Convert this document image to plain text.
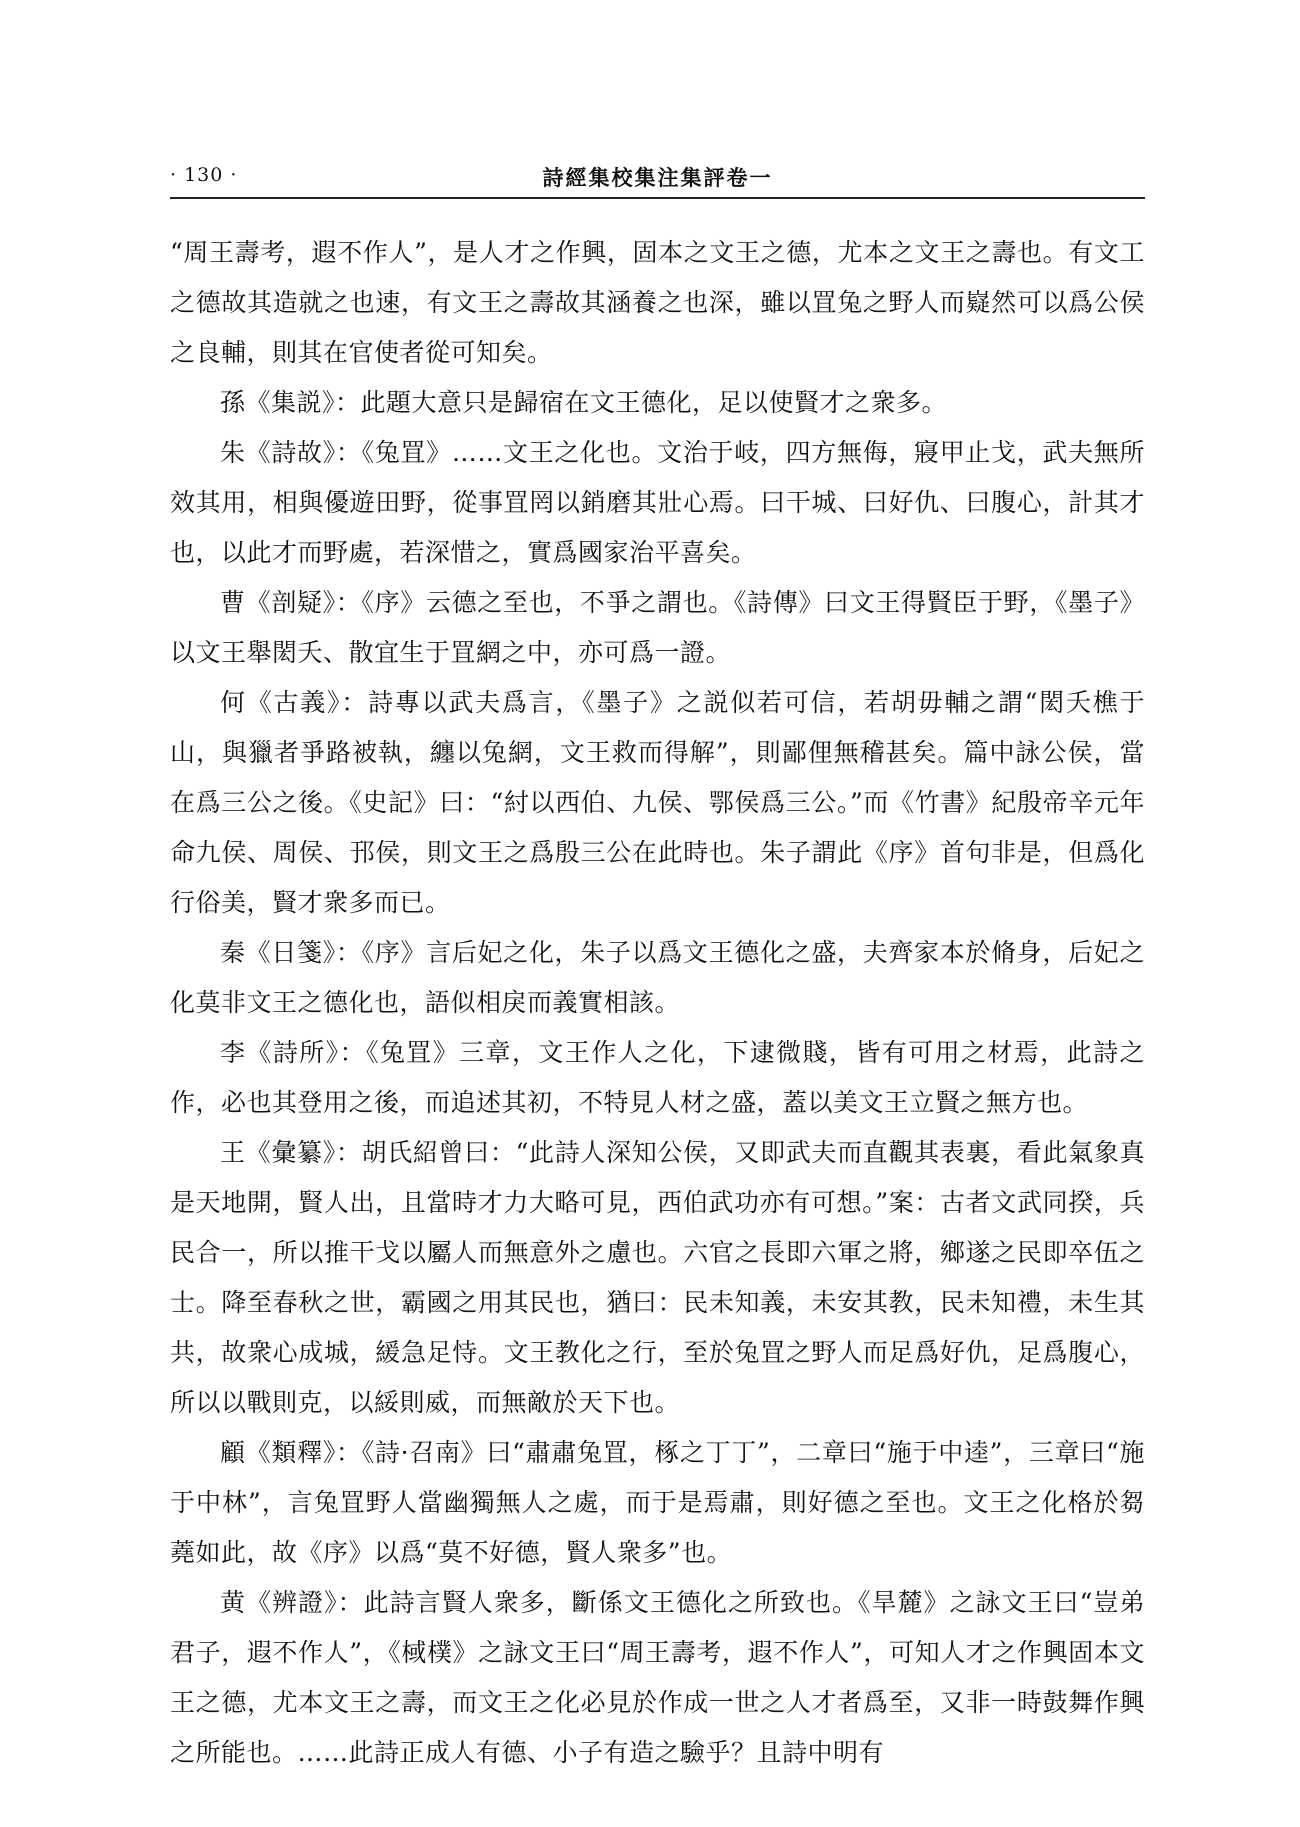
· 130 ·	詩經集校集注集評卷一

“周王壽考，遐不作人”，是人才之作興，固本之文王之德，尤本之文王之壽也。有文工之德故其造就之也速，有文王之壽故其涵養之也深，雖以罝兔之野人而嶷然可以爲公侯之良輔，則其在官使者從可知矣。

孫《集説》：此題大意只是歸宿在文王德化，足以使賢才之衆多。

朱《詩故》：《兔罝》……文王之化也。文治于岐，四方無侮，寢甲止戈，武夫無所效其用，相與優遊田野，從事罝罔以銷磨其壯心焉。曰干城、曰好仇、曰腹心，計其才也，以此才而野處，若深惜之，實爲國家治平喜矣。

曹《剖疑》：《序》云德之至也，不爭之謂也。《詩傳》曰文王得賢臣于野，《墨子》以文王舉閎夭、散宜生于罝網之中，亦可爲一證。

何《古義》：詩專以武夫爲言，《墨子》之説似若可信，若胡毋輔之謂“閎夭樵于山，與獵者爭路被執，纏以兔網，文王救而得解”，則鄙俚無稽甚矣。篇中詠公侯，當在爲三公之後。《史記》曰：“紂以西伯、九侯、鄂侯爲三公。”而《竹書》紀殷帝辛元年命九侯、周侯、邘侯，則文王之爲殷三公在此時也。朱子謂此《序》首句非是，但爲化行俗美，賢才衆多而已。

秦《日箋》：《序》言后妃之化，朱子以爲文王德化之盛，夫齊家本於脩身，后妃之化莫非文王之德化也，語似相戾而義實相該。

李《詩所》：《兔罝》三章，文王作人之化，下逮微賤，皆有可用之材焉，此詩之作，必也其登用之後，而追述其初，不特見人材之盛，蓋以美文王立賢之無方也。

王《彙纂》：胡氏紹曾曰：“此詩人深知公侯，又即武夫而直觀其表裏，看此氣象真是天地開，賢人出，且當時才力大略可見，西伯武功亦有可想。”案：古者文武同揆，兵民合一，所以推干戈以屬人而無意外之慮也。六官之長即六軍之將，鄉遂之民即卒伍之士。降至春秋之世，霸國之用其民也，猶曰：民未知義，未安其教，民未知禮，未生其共，故衆心成城，緩急足恃。文王教化之行，至於兔罝之野人而足爲好仇，足爲腹心，所以以戰則克，以綏則威，而無敵於天下也。

顧《類釋》：《詩·召南》曰“肅肅兔罝，椓之丁丁”，二章曰“施于中逵”，三章曰“施于中林”，言兔罝野人當幽獨無人之處，而于是焉肅，則好德之至也。文王之化格於芻蕘如此，故《序》以爲“莫不好德，賢人衆多”也。

黄《辨證》：此詩言賢人衆多，斷係文王德化之所致也。《旱麓》之詠文王曰“豈弟君子，遐不作人”，《棫樸》之詠文王曰“周王壽考，遐不作人”，可知人才之作興固本文王之德，尤本文王之壽，而文王之化必見於作成一世之人才者爲至，又非一時鼓舞作興之所能也。……此詩正成人有德、小子有造之驗乎？且詩中明有
